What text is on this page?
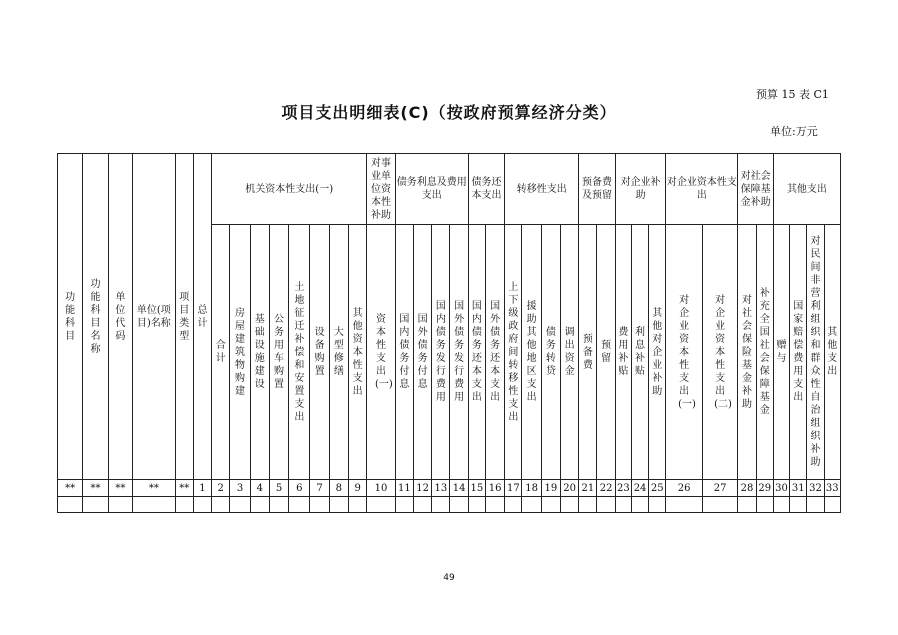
预算 15 表 C1
项目支出明细表(C)（按政府预算经济分类）
单位:万元
功能科目	功能科目名称	单位代码	单位(项目)名称	项目类型	总计	机关资本性支出(一)								对事业单位资本性补助	债务利息及费用支出				债务还本支出		转移性支出				预备费及预留		对企业补助			对企业资本性支出		对社会保障基金补助		其他支出			
						合计	房屋建筑物购建	基础设施建设	公务用车购置	土地征迁补偿和安置支出	设备购置	大型修缮	其他资本性支出	资本性支出(一)	国内债务付息	国外债务付息	国内债务发行费用	国外债务发行费用	国内债务还本支出	国外债务还本支出	上下级政府间转移性支出	援助其他地区支出	债务转贷	调出资金	预备费	预留	费用补贴	利息补贴	其他对企业补助	对企业资本性支出(一)	对企业资本性支出(二)	对社会保险基金补助	补充全国社会保障基金	赠与	国家赔偿费用支出	对民间非营利组织和群众性自治组织补助	其他支出
**	**	**	**	**	1	2	3	4	5	6	7	8	9	10	11	12	13	14	15	16	17	18	19	20	21	22	23	24	25	26	27	28	29	30	31	32	33

49
